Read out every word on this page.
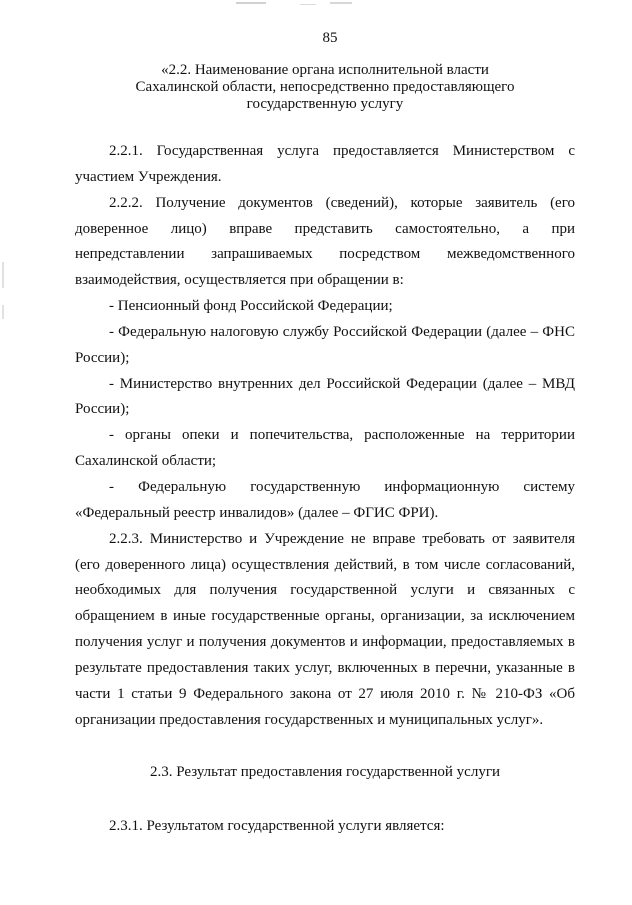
85
«2.2. Наименование органа исполнительной власти
Сахалинской области, непосредственно предоставляющего
государственную услугу

2.2.1. Государственная услуга предоставляется Министерством с участием Учреждения.

2.2.2. Получение документов (сведений), которые заявитель (его доверенное лицо) вправе представить самостоятельно, а при непредставлении запрашиваемых посредством межведомственного взаимодействия, осуществляется при обращении в:

- Пенсионный фонд Российской Федерации;

- Федеральную налоговую службу Российской Федерации (далее – ФНС России);

- Министерство внутренних дел Российской Федерации (далее – МВД России);

- органы опеки и попечительства, расположенные на территории Сахалинской области;

- Федеральную государственную информационную систему «Федеральный реестр инвалидов» (далее – ФГИС ФРИ).

2.2.3. Министерство и Учреждение не вправе требовать от заявителя (его доверенного лица) осуществления действий, в том числе согласований, необходимых для получения государственной услуги и связанных с обращением в иные государственные органы, организации, за исключением получения услуг и получения документов и информации, предоставляемых в результате предоставления таких услуг, включенных в перечни, указанные в части 1 статьи 9 Федерального закона от 27 июля 2010 г. № 210-ФЗ «Об организации предоставления государственных и муниципальных услуг».

2.3. Результат предоставления государственной услуги
2.3.1. Результатом государственной услуги является:
